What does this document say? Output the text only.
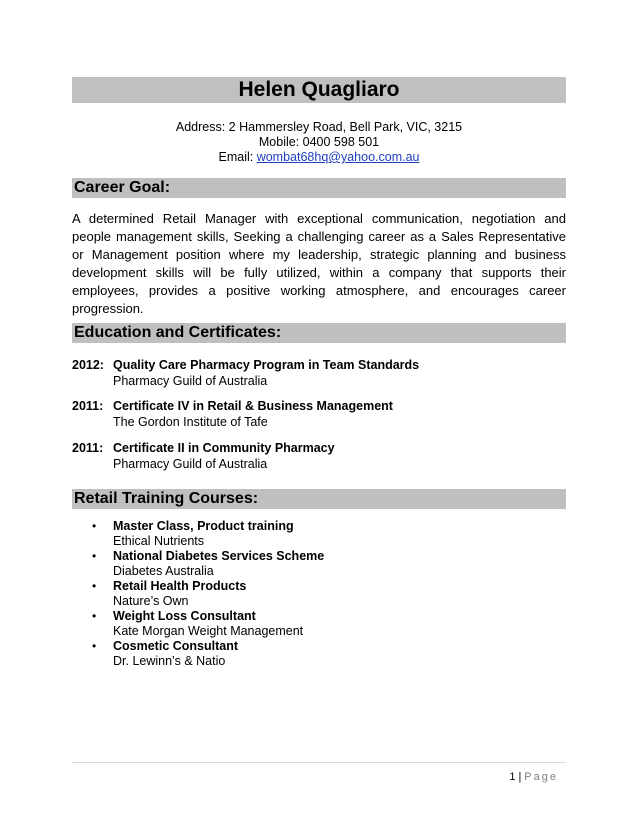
Helen Quagliaro
Address: 2 Hammersley Road, Bell Park, VIC, 3215
Mobile: 0400 598 501
Email: wombat68hq@yahoo.com.au
Career Goal:
A determined Retail Manager with exceptional communication, negotiation and people management skills, Seeking a challenging career as a Sales Representative or Management position where my leadership, strategic planning and business development skills will be fully utilized, within a company that supports their employees, provides a positive working atmosphere, and encourages career progression.
Education and Certificates:
2012: Quality Care Pharmacy Program in Team Standards
Pharmacy Guild of Australia
2011: Certificate IV in Retail & Business Management
The Gordon Institute of Tafe
2011: Certificate II in Community Pharmacy
Pharmacy Guild of Australia
Retail Training Courses:
• Master Class, Product training
Ethical Nutrients
• National Diabetes Services Scheme
Diabetes Australia
• Retail Health Products
Nature’s Own
• Weight Loss Consultant
Kate Morgan Weight Management
• Cosmetic Consultant
Dr. Lewinn’s & Natio
1 | Page
